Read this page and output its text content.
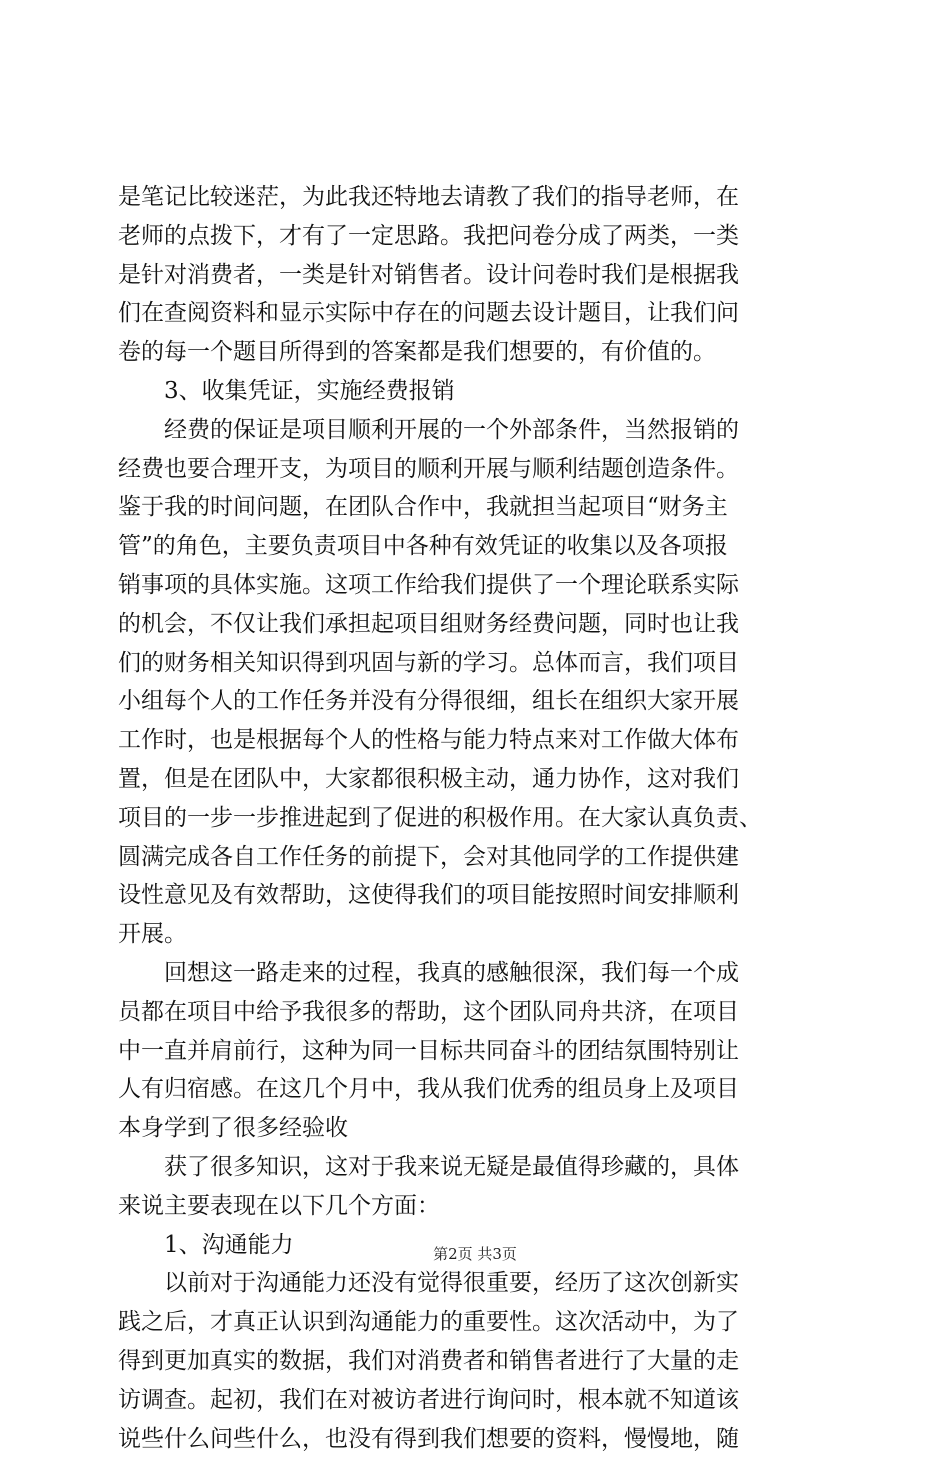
是笔记比较迷茫，为此我还特地去请教了我们的指导老师，在
老师的点拨下，才有了一定思路。我把问卷分成了两类，一类
是针对消费者，一类是针对销售者。设计问卷时我们是根据我
们在查阅资料和显示实际中存在的问题去设计题目，让我们问
卷的每一个题目所得到的答案都是我们想要的，有价值的。
3、收集凭证，实施经费报销
经费的保证是项目顺利开展的一个外部条件，当然报销的
经费也要合理开支，为项目的顺利开展与顺利结题创造条件。
鉴于我的时间问题，在团队合作中，我就担当起项目“财务主
管”的角色，主要负责项目中各种有效凭证的收集以及各项报
销事项的具体实施。这项工作给我们提供了一个理论联系实际
的机会，不仅让我们承担起项目组财务经费问题，同时也让我
们的财务相关知识得到巩固与新的学习。总体而言，我们项目
小组每个人的工作任务并没有分得很细，组长在组织大家开展
工作时，也是根据每个人的性格与能力特点来对工作做大体布
置，但是在团队中，大家都很积极主动，通力协作，这对我们
项目的一步一步推进起到了促进的积极作用。在大家认真负责、
圆满完成各自工作任务的前提下，会对其他同学的工作提供建
设性意见及有效帮助，这使得我们的项目能按照时间安排顺利
开展。
回想这一路走来的过程，我真的感触很深，我们每一个成
员都在项目中给予我很多的帮助，这个团队同舟共济，在项目
中一直并肩前行，这种为同一目标共同奋斗的团结氛围特别让
人有归宿感。在这几个月中，我从我们优秀的组员身上及项目
本身学到了很多经验收
获了很多知识，这对于我来说无疑是最值得珍藏的，具体
来说主要表现在以下几个方面：
1、沟通能力
以前对于沟通能力还没有觉得很重要，经历了这次创新实
践之后，才真正认识到沟通能力的重要性。这次活动中，为了
得到更加真实的数据，我们对消费者和销售者进行了大量的走
访调查。起初，我们在对被访者进行询问时，根本就不知道该
说些什么问些什么，也没有得到我们想要的资料，慢慢地，随
第2页 共3页
